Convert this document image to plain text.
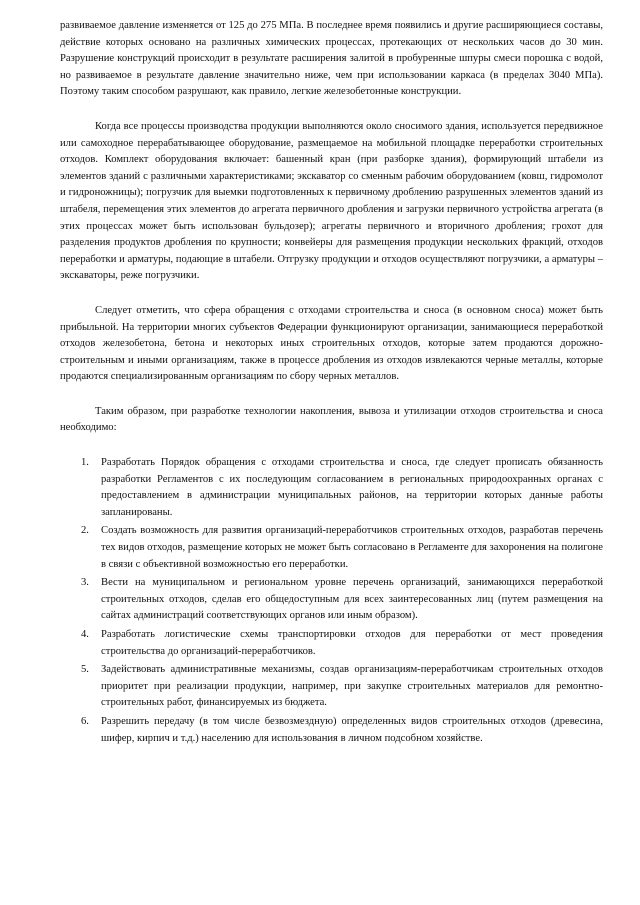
развиваемое давление изменяется от 125 до 275 МПа. В последнее время появились и другие расширяющиеся составы, действие которых основано на различных химических процессах, протекающих от нескольких часов до 30 мин. Разрушение конструкций происходит в результате расширения залитой в пробуренные шпуры смеси порошка с водой, но развиваемое в результате давление значительно ниже, чем при использовании каркаса (в пределах 3040 МПа). Поэтому таким способом разрушают, как правило, легкие железобетонные конструкции.

Когда все процессы производства продукции выполняются около сносимого здания, используется передвижное или самоходное перерабатывающее оборудование, размещаемое на мобильной площадке переработки строительных отходов. Комплект оборудования включает: башенный кран (при разборке здания), формирующий штабели из элементов зданий с различными характеристиками; экскаватор со сменным рабочим оборудованием (ковш, гидромолот и гидроножницы); погрузчик для выемки подготовленных к первичному дроблению разрушенных элементов зданий из штабеля, перемещения этих элементов до агрегата первичного дробления и загрузки первичного устройства агрегата (в этих процессах может быть использован бульдозер); агрегаты первичного и вторичного дробления; грохот для разделения продуктов дробления по крупности; конвейеры для размещения продукции нескольких фракций, отходов переработки и арматуры, подающие в штабели. Отгрузку продукции и отходов осуществляют погрузчики, а арматуры – экскаваторы, реже погрузчики.

Следует отметить, что сфера обращения с отходами строительства и сноса (в основном сноса) может быть прибыльной. На территории многих субъектов Федерации функционируют организации, занимающиеся переработкой отходов железобетона, бетона и некоторых иных строительных отходов, которые затем продаются дорожно-строительным и иными организациям, также в процессе дробления из отходов извлекаются черные металлы, которые продаются специализированным организациям по сбору черных металлов.

Таким образом, при разработке технологии накопления, вывоза и утилизации отходов строительства и сноса необходимо:

1.	Разработать Порядок обращения с отходами строительства и сноса, где следует прописать обязанность разработки Регламентов с их последующим согласованием в региональных природоохранных органах с предоставлением в администрации муниципальных районов, на территории которых данные работы запланированы.
2.	Создать возможность для развития организаций-переработчиков строительных отходов, разработав перечень тех видов отходов, размещение которых не может быть согласовано в Регламенте для захоронения на полигоне в связи с объективной возможностью его переработки.
3.	Вести на муниципальном и региональном уровне перечень организаций, занимающихся переработкой строительных отходов, сделав его общедоступным для всех заинтересованных лиц (путем размещения на сайтах администраций соответствующих органов или иным образом).
4.	Разработать логистические схемы транспортировки отходов для переработки от мест проведения строительства до организаций-переработчиков.
5.	Задействовать административные механизмы, создав организациям-переработчикам строительных отходов приоритет при реализации продукции, например, при закупке строительных материалов для ремонтно-строительных работ, финансируемых из бюджета.
6.	Разрешить передачу (в том числе безвозмездную) определенных видов строительных отходов (древесина, шифер, кирпич и т.д.) населению для использования в личном подсобном хозяйстве.
